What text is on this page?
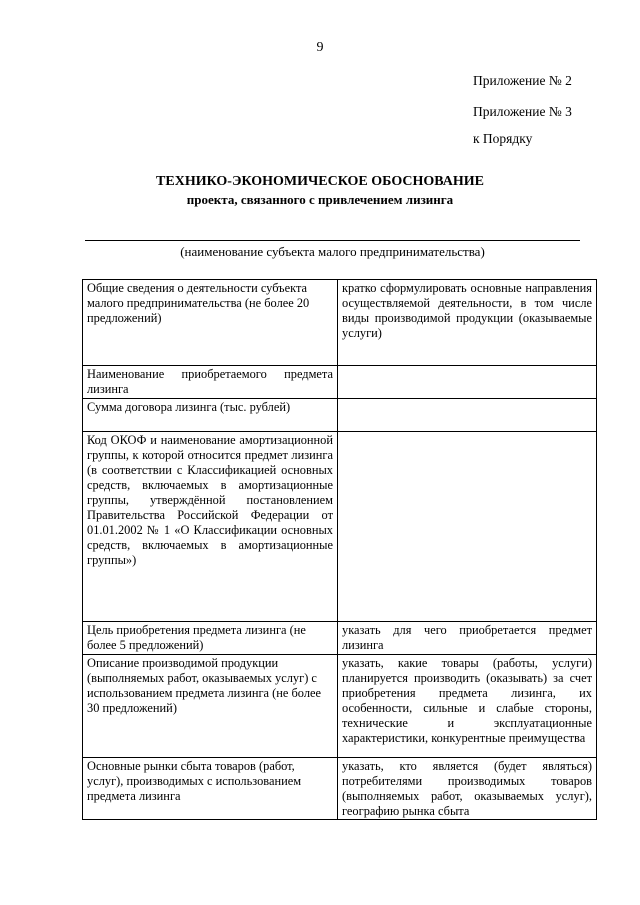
9
Приложение № 2
Приложение № 3
к Порядку
ТЕХНИКО-ЭКОНОМИЧЕСКОЕ ОБОСНОВАНИЕ
проекта, связанного с привлечением лизинга
(наименование субъекта малого предпринимательства)
Общие сведения о деятельности субъекта малого предпринимательства (не более 20 предложений)	кратко сформулировать основные направления осуществляемой деятельности, в том числе виды производимой продукции (оказываемые услуги)
Наименование приобретаемого предмета лизинга	
Сумма договора лизинга (тыс. рублей)	
Код ОКОФ и наименование амортизационной группы, к которой относится предмет лизинга (в соответствии с Классификацией основных средств, включаемых в амортизационные группы, утверждённой постановлением Правительства Российской Федерации от 01.01.2002 № 1 «О Классификации основных средств, включаемых в амортизационные группы»)	
Цель приобретения предмета лизинга (не более 5 предложений)	указать для чего приобретается предмет лизинга
Описание производимой продукции (выполняемых работ, оказываемых услуг) с использованием предмета лизинга (не более 30 предложений)	указать, какие товары (работы, услуги) планируется производить (оказывать) за счет приобретения предмета лизинга, их особенности, сильные и слабые стороны, технические и эксплуатационные характеристики, конкурентные преимущества
Основные рынки сбыта товаров (работ, услуг), производимых с использованием предмета лизинга	указать, кто является (будет являться) потребителями производимых товаров (выполняемых работ, оказываемых услуг), географию рынка сбыта
